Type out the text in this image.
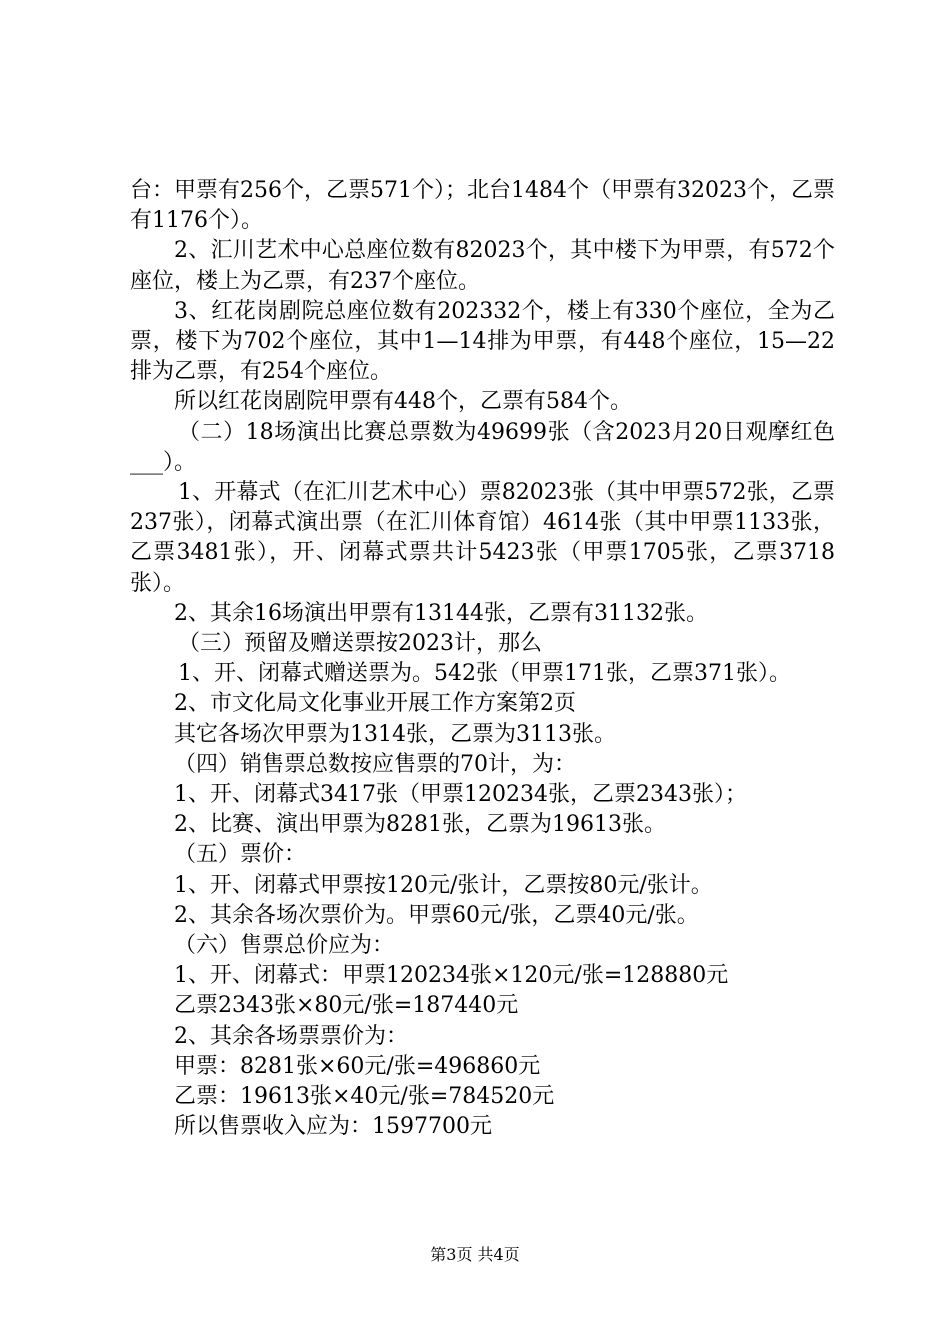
台：甲票有256个，乙票571个）；北台1484个（甲票有32023个，乙票有1176个）。

2、汇川艺术中心总座位数有82023个，其中楼下为甲票，有572个座位，楼上为乙票，有237个座位。

3、红花岗剧院总座位数有202332个，楼上有330个座位，全为乙票，楼下为702个座位，其中1—14排为甲票，有448个座位，15—22排为乙票，有254个座位。

所以红花岗剧院甲票有448个，乙票有584个。

（二）18场演出比赛总票数为49699张（含2023月20日观摩红色___）。

1、开幕式（在汇川艺术中心）票82023张（其中甲票572张，乙票237张），闭幕式演出票（在汇川体育馆）4614张（其中甲票1133张，乙票3481张），开、闭幕式票共计5423张（甲票1705张，乙票3718张）。

2、其余16场演出甲票有13144张，乙票有31132张。

（三）预留及赠送票按2023计，那么

1、开、闭幕式赠送票为。542张（甲票171张，乙票371张）。

2、市文化局文化事业开展工作方案第2页

其它各场次甲票为1314张，乙票为3113张。

（四）销售票总数按应售票的70计，为：

1、开、闭幕式3417张（甲票120234张，乙票2343张）；

2、比赛、演出甲票为8281张，乙票为19613张。

（五）票价：

1、开、闭幕式甲票按120元/张计，乙票按80元/张计。

2、其余各场次票价为。甲票60元/张，乙票40元/张。

（六）售票总价应为：

1、开、闭幕式：甲票120234张×120元/张=128880元

乙票2343张×80元/张=187440元

2、其余各场票票价为：

甲票：8281张×60元/张=496860元

乙票：19613张×40元/张=784520元

所以售票收入应为：1597700元

第3页 共4页
